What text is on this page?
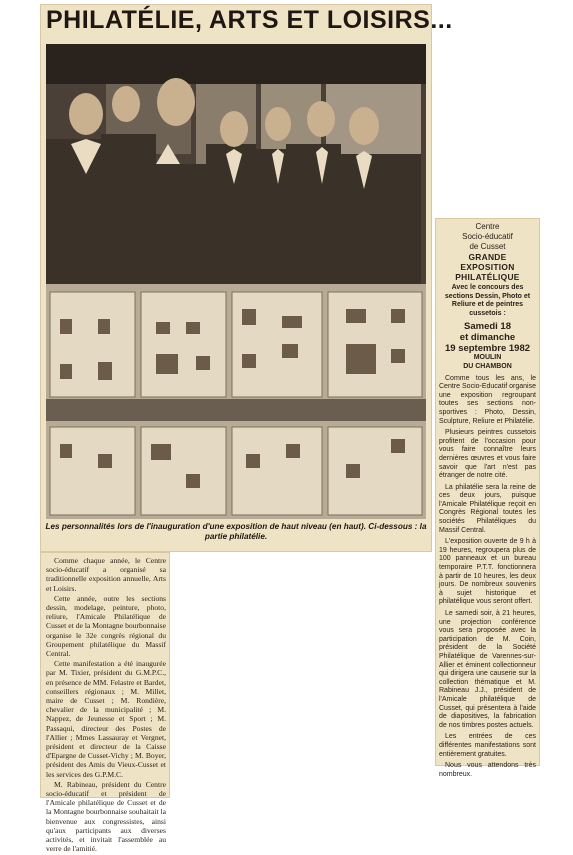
PHILATÉLIE, ARTS ET LOISIRS...
Les personnalités lors de l'inauguration d'une exposition de haut niveau (en haut). Ci-dessous : la partie philatélie.

Comme chaque année, le Centre socio-éducatif a organisé sa traditionnelle exposition annuelle, Arts et Loisirs.

Cette année, outre les sections dessin, modelage, peinture, photo, reliure, l'Amicale Philatélique de Cusset et de la Montagne bourbonnaise organise le 32e congrès régional du Groupement philatélique du Massif Central.

Cette manifestation a été inaugurée par M. Tixier, président du G.M.P.C., en présence de MM. Felastre et Bardet, conseillers régionaux ; M. Millet, maire de Cusset ; M. Rondière, chevalier de la municipalité ; M. Nappez, de Jeunesse et Sport ; M. Passaqui, directeur des Postes de l'Allier ; Mmes Lassauray et Vergnet, président et directeur de la Caisse d'Epargne de Cusset-Vichy ; M. Boyer, président des Amis du Vieux-Cusset et les services des G.P.M.C.

M. Rabineau, président du Centre socio-éducatif et président de l'Amicale philatélique de Cusset et de la Montagne bourbonnaise souhaitait la bienvenue aux congressistes, ainsi qu'aux participants aux diverses activités, et invitait l'assemblée au verre de l'amitié.

Centre
Socio-éducatif
de Cusset
GRANDE
EXPOSITION
PHILATÉLIQUE
Avec le concours des sections Dessin, Photo et Reliure et de peintres cussetois :
Samedi 18
et dimanche
19 septembre 1982
MOULIN
DU CHAMBON

Comme tous les ans, le Centre Socio-Educatif organise une exposition regroupant toutes ses sections non-sportives : Photo, Dessin, Sculpture, Reliure et Philatélie.

Plusieurs peintres cussetois profitent de l'occasion pour vous faire connaître leurs dernières œuvres et vous faire savoir que l'art n'est pas étranger de notre cité.

La philatélie sera la reine de ces deux jours, puisque l'Amicale Philatélique reçoit en Congrès Régional toutes les sociétés Philatéliques du Massif Central.

L'exposition ouverte de 9 h à 19 heures, regroupera plus de 100 panneaux et un bureau temporaire P.T.T. fonctionnera à partir de 10 heures, les deux jours. De nombreux souvenirs à sujet historique et philatélique vous seront offert.

Le samedi soir, à 21 heures, une projection conférence vous sera proposée avec la participation de M. Coin, président de la Société Philatélique de Varennes-sur-Allier et éminent collectionneur qui dirigera une causerie sur la collection thématique et M. Rabineau J.J., président de l'Amicale philatélique de Cusset, qui présentera à l'aide de diapositives, la fabrication de nos timbres postes actuels.

Les entrées de ces différentes manifestations sont entièrement gratuites.

Nous vous attendons très nombreux.
